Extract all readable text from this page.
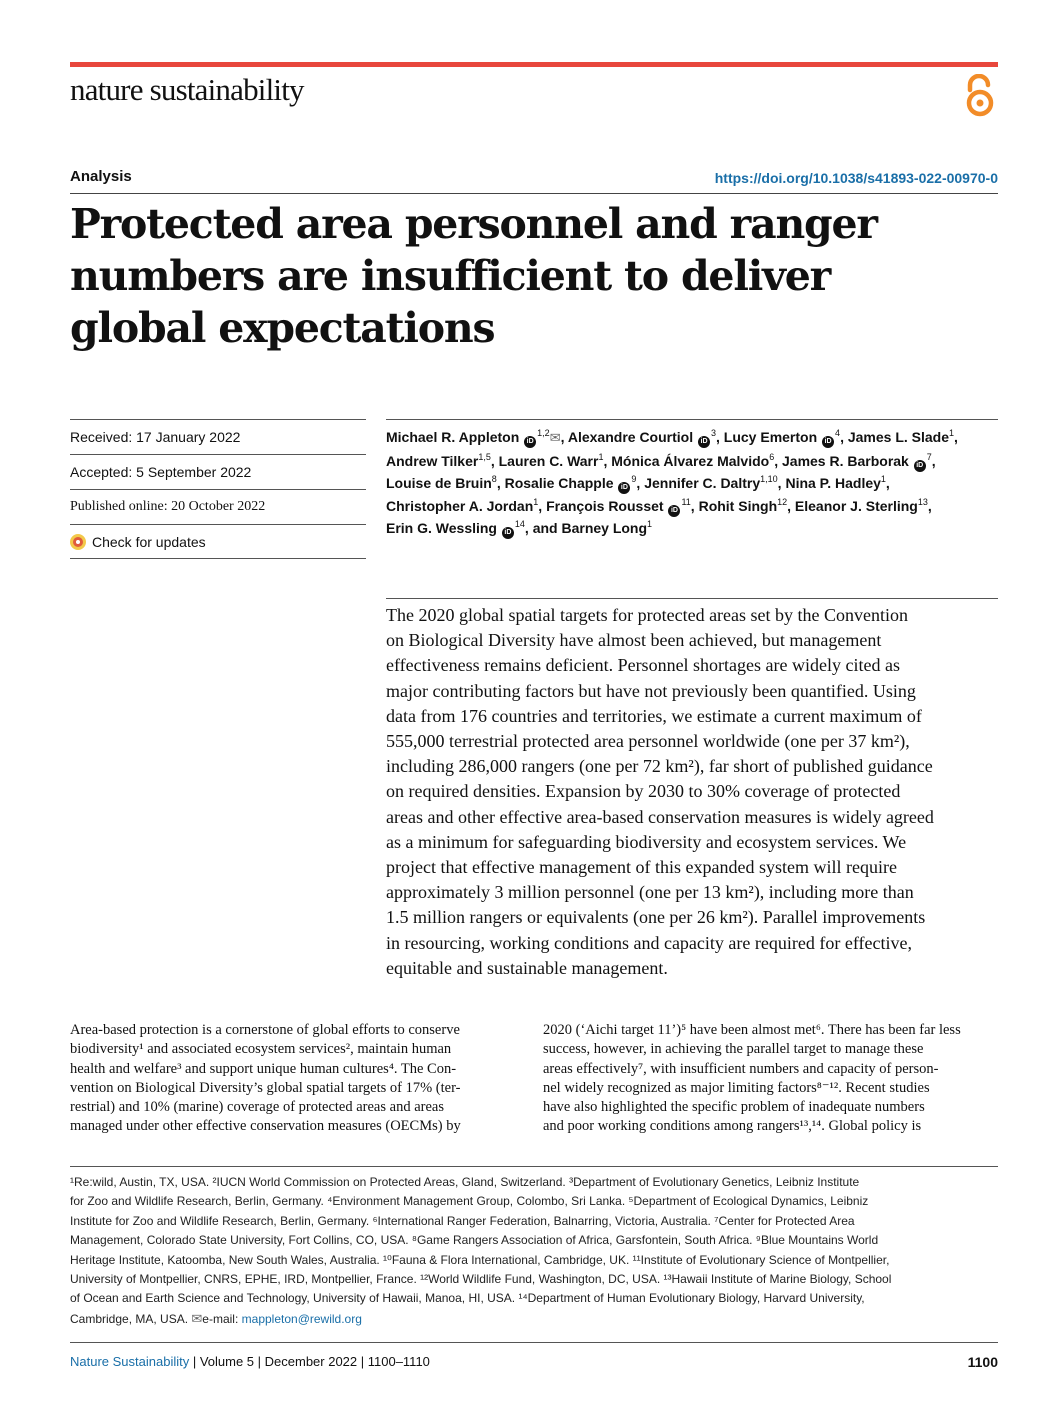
nature sustainability
Analysis	https://doi.org/10.1038/s41893-022-00970-0
Protected area personnel and ranger numbers are insufficient to deliver global expectations
Received: 17 January 2022
Accepted: 5 September 2022
Published online: 20 October 2022
Check for updates
Michael R. Appleton iD$^{1,2}$✉, Alexandre Courtiol $iD^3$, Lucy Emerton $iD^4$, James L. Slade$^1$, Andrew Tilker$^{1,5}$, Lauren C. Warr$^1$, Mónica Álvarez Malvido$^6$, James R. Barborak $iD^7$, Louise de Bruin$^8$, Rosalie Chapple $iD^9$, Jennifer C. Daltry$^{1,10}$, Nina P. Hadley$^1$, Christopher A. Jordan$^1$, François Rousset $iD^{11}$, Rohit Singh$^{12}$, Eleanor J. Sterling$^{13}$, Erin G. Wessling $iD^{14}$, and Barney Long$^1$
The 2020 global spatial targets for protected areas set by the Convention
on Biological Diversity have almost been achieved, but management
effectiveness remains deficient. Personnel shortages are widely cited as
major contributing factors but have not previously been quantified. Using
data from 176 countries and territories, we estimate a current maximum of
555,000 terrestrial protected area personnel worldwide (one per 37 km²),
including 286,000 rangers (one per 72 km²), far short of published guidance
on required densities. Expansion by 2030 to 30% coverage of protected
areas and other effective area-based conservation measures is widely agreed
as a minimum for safeguarding biodiversity and ecosystem services. We
project that effective management of this expanded system will require
approximately 3 million personnel (one per 13 km²), including more than
1.5 million rangers or equivalents (one per 26 km²). Parallel improvements
in resourcing, working conditions and capacity are required for effective,
equitable and sustainable management.
Area-based protection is a cornerstone of global efforts to conserve
biodiversity¹ and associated ecosystem services², maintain human
health and welfare³ and support unique human cultures⁴. The Con-
vention on Biological Diversity’s global spatial targets of 17% (ter-
restrial) and 10% (marine) coverage of protected areas and areas
managed under other effective conservation measures (OECMs) by
2020 (‘Aichi target 11’)⁵ have been almost met⁶. There has been far less
success, however, in achieving the parallel target to manage these
areas effectively⁷, with insufficient numbers and capacity of person-
nel widely recognized as major limiting factors⁸⁻¹². Recent studies
have also highlighted the specific problem of inadequate numbers
and poor working conditions among rangers¹³,¹⁴. Global policy is
¹Re:wild, Austin, TX, USA. ²IUCN World Commission on Protected Areas, Gland, Switzerland. ³Department of Evolutionary Genetics, Leibniz Institute
for Zoo and Wildlife Research, Berlin, Germany. ⁴Environment Management Group, Colombo, Sri Lanka. ⁵Department of Ecological Dynamics, Leibniz
Institute for Zoo and Wildlife Research, Berlin, Germany. ⁶International Ranger Federation, Balnarring, Victoria, Australia. ⁷Center for Protected Area
Management, Colorado State University, Fort Collins, CO, USA. ⁸Game Rangers Association of Africa, Garsfontein, South Africa. ⁹Blue Mountains World
Heritage Institute, Katoomba, New South Wales, Australia. ¹⁰Fauna & Flora International, Cambridge, UK. ¹¹Institute of Evolutionary Science of Montpellier,
University of Montpellier, CNRS, EPHE, IRD, Montpellier, France. ¹²World Wildlife Fund, Washington, DC, USA. ¹³Hawaii Institute of Marine Biology, School
of Ocean and Earth Science and Technology, University of Hawaii, Manoa, HI, USA. ¹⁴Department of Human Evolutionary Biology, Harvard University,
Cambridge, MA, USA. ✉e-mail: mappleton@rewild.org
Nature Sustainability | Volume 5 | December 2022 | 1100–1110	1100
